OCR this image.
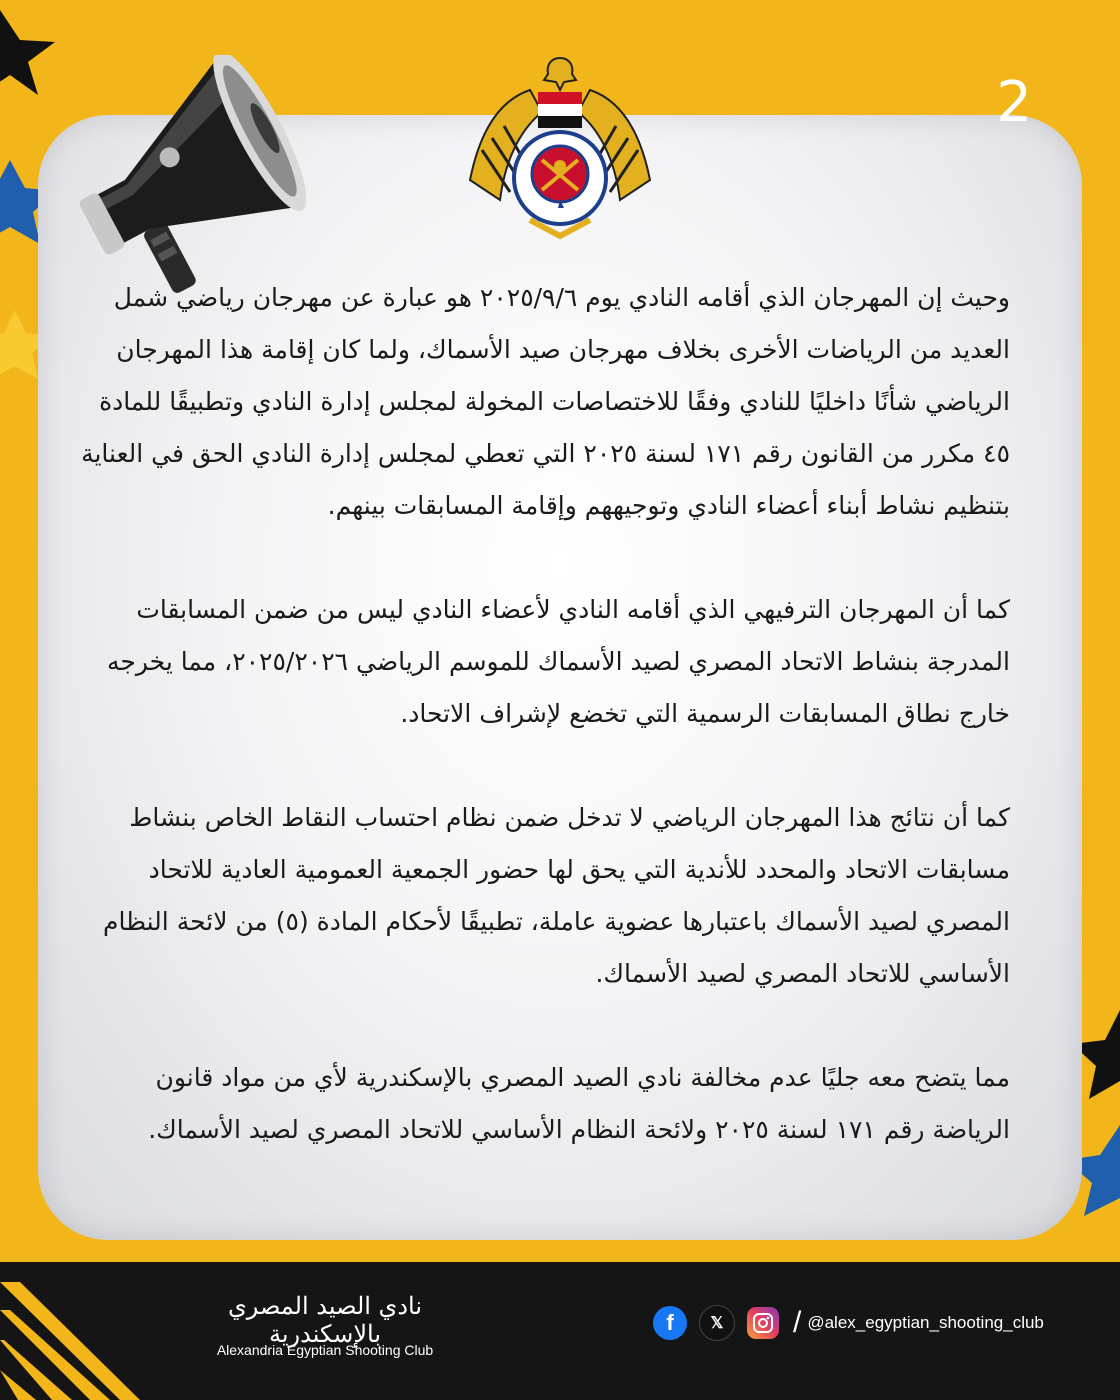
2

وحيث إن المهرجان الذي أقامه النادي يوم ٢٠٢٥/٩/٦ هو عبارة عن مهرجان رياضي شمل العديد من الرياضات الأخرى بخلاف مهرجان صيد الأسماك، ولما كان إقامة هذا المهرجان الرياضي شأنًا داخليًا للنادي وفقًا للاختصاصات المخولة لمجلس إدارة النادي وتطبيقًا للمادة ٤٥ مكرر من القانون رقم ١٧١ لسنة ٢٠٢٥ التي تعطي لمجلس إدارة النادي الحق في العناية بتنظيم نشاط أبناء أعضاء النادي وتوجيههم وإقامة المسابقات بينهم.

كما أن المهرجان الترفيهي الذي أقامه النادي لأعضاء النادي ليس من ضمن المسابقات المدرجة بنشاط الاتحاد المصري لصيد الأسماك للموسم الرياضي ٢٠٢٥/٢٠٢٦، مما يخرجه خارج نطاق المسابقات الرسمية التي تخضع لإشراف الاتحاد.

كما أن نتائج هذا المهرجان الرياضي لا تدخل ضمن نظام احتساب النقاط الخاص بنشاط مسابقات الاتحاد والمحدد للأندية التي يحق لها حضور الجمعية العمومية العادية للاتحاد المصري لصيد الأسماك باعتبارها عضوية عاملة، تطبيقًا لأحكام المادة (٥) من لائحة النظام الأساسي للاتحاد المصري لصيد الأسماك.

مما يتضح معه جليًا عدم مخالفة نادي الصيد المصري بالإسكندرية لأي من مواد قانون الرياضة رقم ١٧١ لسنة ٢٠٢٥ ولائحة النظام الأساسي للاتحاد المصري لصيد الأسماك.

نادي الصيد المصري بالإسكندرية
Alexandria Egyptian Shooting Club
f	𝕏	/ @alex_egyptian_shooting_club
